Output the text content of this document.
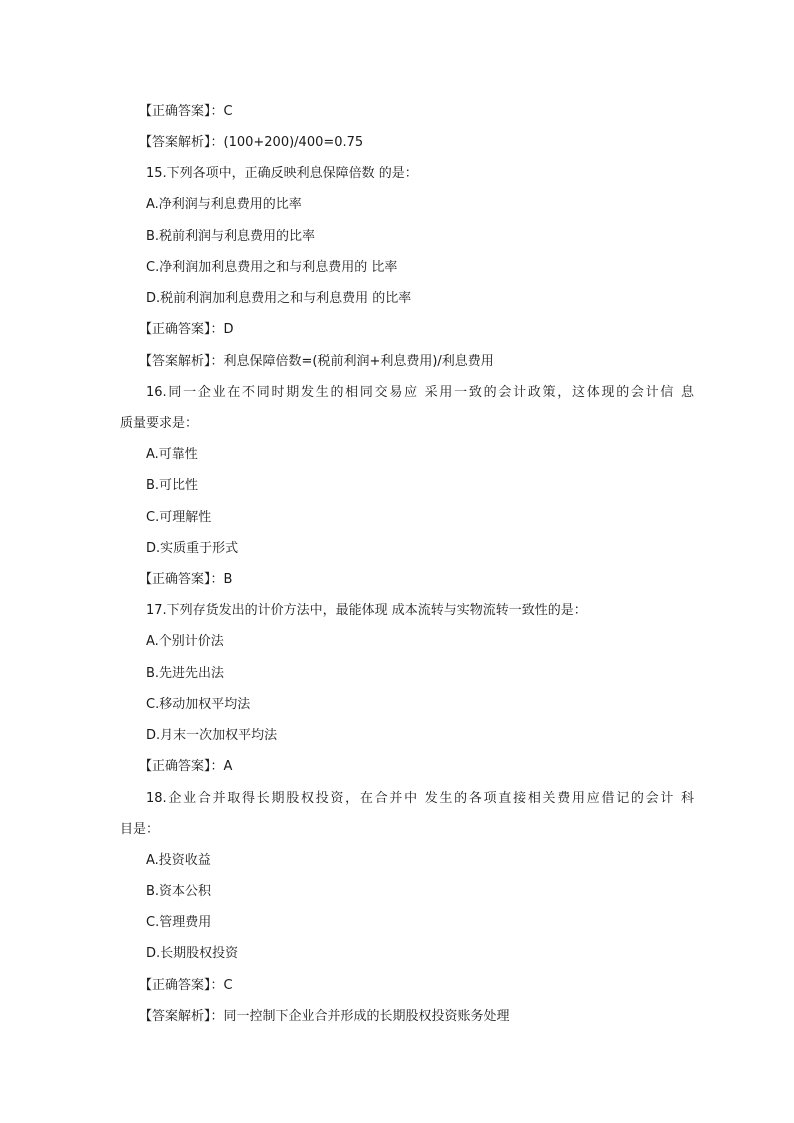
【正确答案】：C
【答案解析】：(100+200)/400=0.75
15.下列各项中，正确反映利息保障倍数 的是：
A.净利润与利息费用的比率
B.税前利润与利息费用的比率
C.净利润加利息费用之和与利息费用的 比率
D.税前利润加利息费用之和与利息费用 的比率
【正确答案】：D
【答案解析】：利息保障倍数=(税前利润+利息费用)/利息费用
16.同一企业在不同时期发生的相同交易应 采用一致的会计政策，这体现的会计信 息
质量要求是：
A.可靠性
B.可比性
C.可理解性
D.实质重于形式
【正确答案】：B
17.下列存货发出的计价方法中，最能体现 成本流转与实物流转一致性的是：
A.个别计价法
B.先进先出法
C.移动加权平均法
D.月末一次加权平均法
【正确答案】：A
18.企业合并取得长期股权投资，在合并中 发生的各项直接相关费用应借记的会计 科
目是：
A.投资收益
B.资本公积
C.管理费用
D.长期股权投资
【正确答案】：C
【答案解析】：同一控制下企业合并形成的长期股权投资账务处理
